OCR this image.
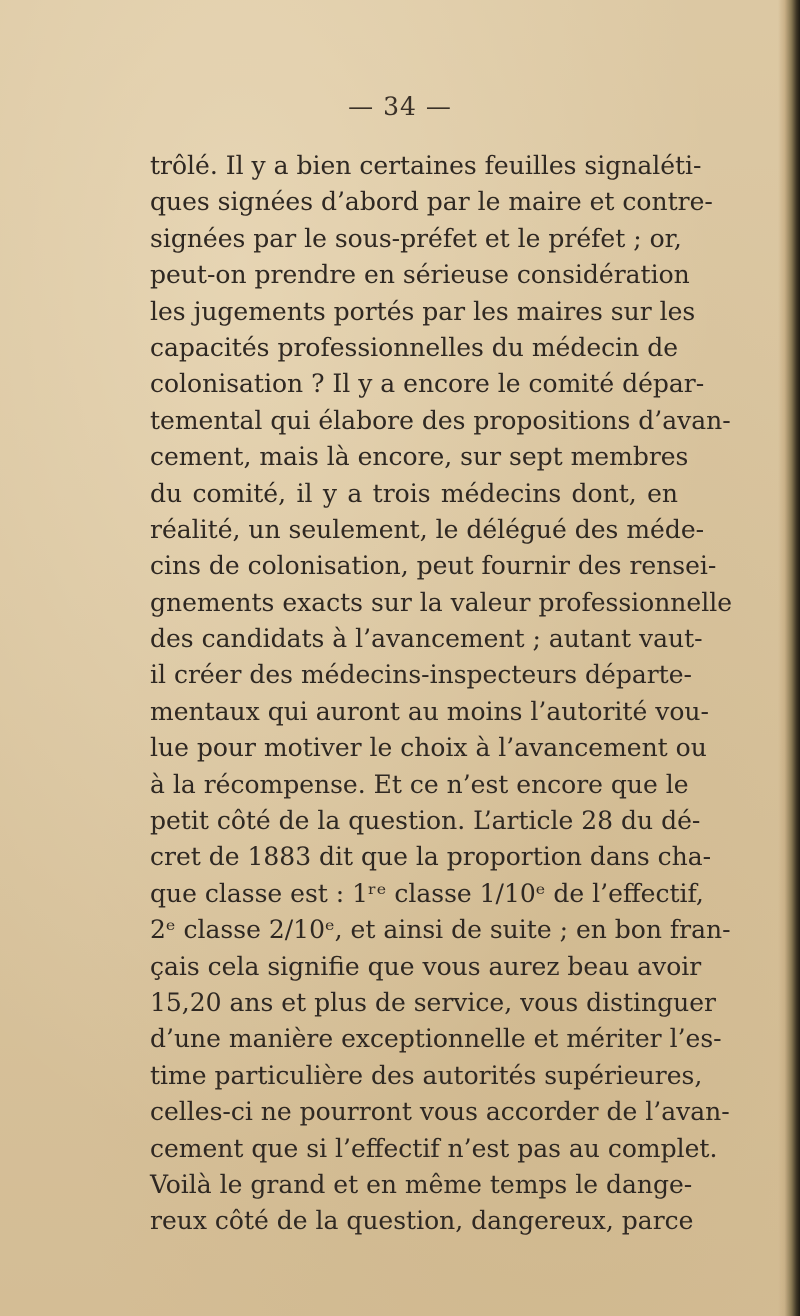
— 34 —
trôlé. Il y a bien certaines feuilles signaléti-
ques signées d’abord par le maire et contre-
signées par le sous-préfet et le préfet ; or,
peut-on prendre en sérieuse considération
les jugements portés par les maires sur les
capacités professionnelles du médecin de
colonisation ? Il y a encore le comité dépar-
temental qui élabore des propositions d’avan-
cement, mais là encore, sur sept membres
du comité, il y a trois médecins dont, en
réalité, un seulement, le délégué des méde-
cins de colonisation, peut fournir des rensei-
gnements exacts sur la valeur professionnelle
des candidats à l’avancement ; autant vaut-
il créer des médecins-inspecteurs départe-
mentaux qui auront au moins l’autorité vou-
lue pour motiver le choix à l’avancement ou
à la récompense. Et ce n’est encore que le
petit côté de la question. L’article 28 du dé-
cret de 1883 dit que la proportion dans cha-
que classe est : 1ʳᵉ classe 1/10ᵉ de l’effectif,
2ᵉ classe 2/10ᵉ, et ainsi de suite ; en bon fran-
çais cela signifie que vous aurez beau avoir
15,20 ans et plus de service, vous distinguer
d’une manière exceptionnelle et mériter l’es-
time particulière des autorités supérieures,
celles-ci ne pourront vous accorder de l’avan-
cement que si l’effectif n’est pas au complet.
Voilà le grand et en même temps le dange-
reux côté de la question, dangereux, parce
